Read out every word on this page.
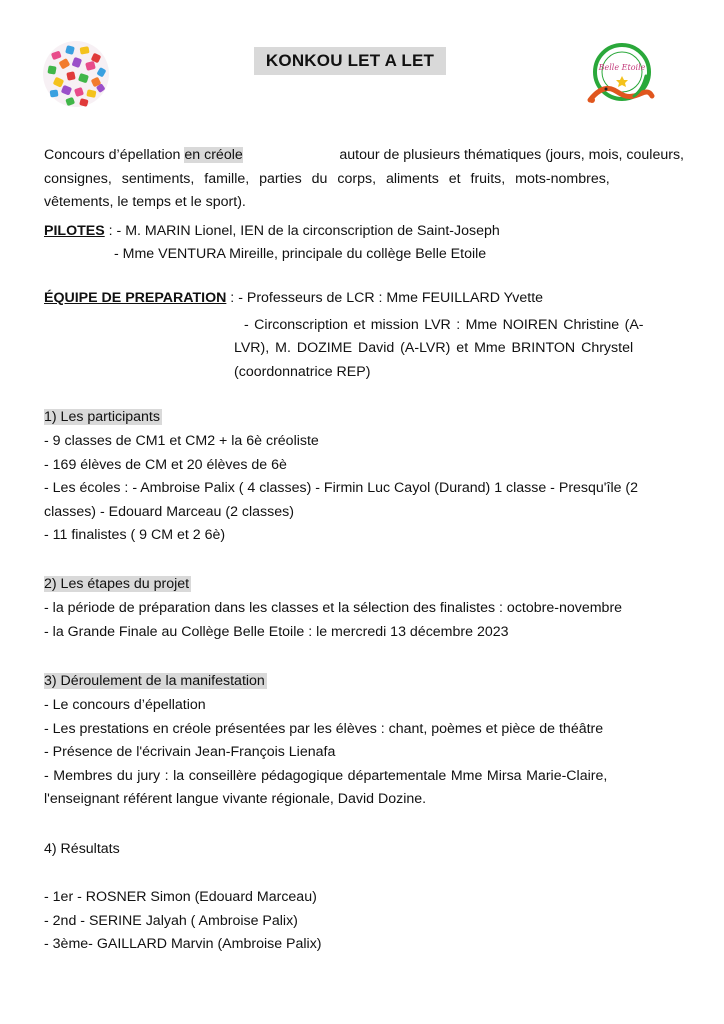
KONKOU LET A LET	Belle Etoile
Concours d’épellation en créole	autour de plusieurs thématiques (jours, mois, couleurs,
consignes, sentiments, famille, parties du corps, aliments et fruits, mots-nombres,
vêtements, le temps et le sport).
PILOTES : - M. MARIN Lionel, IEN de la circonscription de Saint-Joseph
- Mme VENTURA Mireille, principale du collège Belle Etoile
ÉQUIPE DE PREPARATION : - Professeurs de LCR : Mme FEUILLARD Yvette
- Circonscription et mission LVR : Mme NOIREN Christine (A-
LVR), M. DOZIME David (A-LVR) et Mme BRINTON Chrystel
(coordonnatrice REP)
1) Les participants
- 9 classes de CM1 et CM2 + la 6è créoliste
- 169 élèves de CM et 20 élèves de 6è
- Les écoles : - Ambroise Palix ( 4 classes) - Firmin Luc Cayol (Durand) 1 classe - Presqu'île (2
classes) - Edouard Marceau (2 classes)
- 11 finalistes ( 9 CM et 2 6è)
2) Les étapes du projet
- la période de préparation dans les classes et la sélection des finalistes : octobre-novembre
- la Grande Finale au Collège Belle Etoile : le mercredi 13 décembre 2023
3) Déroulement de la manifestation
- Le concours d’épellation
- Les prestations en créole présentées par les élèves : chant, poèmes et pièce de théâtre
- Présence de l'écrivain Jean-François Lienafa
- Membres du jury : la conseillère pédagogique départementale Mme Mirsa Marie-Claire,
l'enseignant référent langue vivante régionale, David Dozine.
4) Résultats
- 1er - ROSNER Simon (Edouard Marceau)
- 2nd - SERINE Jalyah ( Ambroise Palix)
- 3ème- GAILLARD Marvin (Ambroise Palix)
